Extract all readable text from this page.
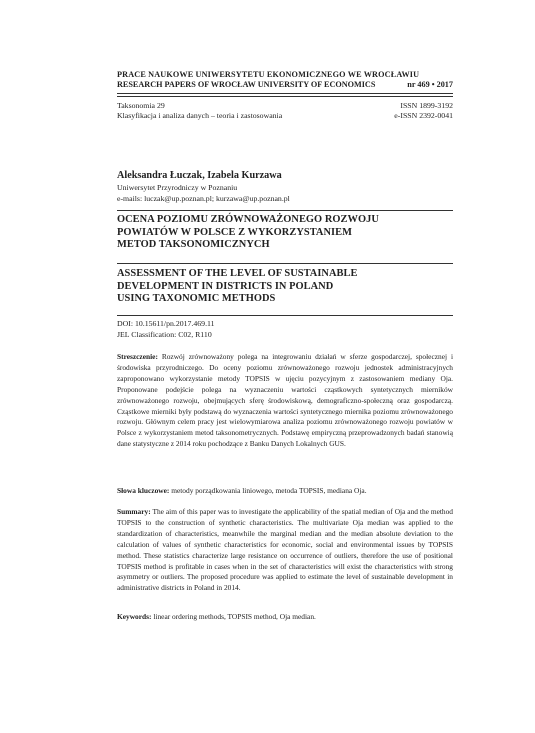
PRACE NAUKOWE UNIWERSYTETU EKONOMICZNEGO WE WROCŁAWIU
RESEARCH PAPERS OF WROCŁAW UNIVERSITY OF ECONOMICS	nr 469 • 2017
Taksonomia 29	ISSN 1899-3192
Klasyfikacja i analiza danych – teoria i zastosowania	e-ISSN 2392-0041
Aleksandra Łuczak, Izabela Kurzawa
Uniwersytet Przyrodniczy w Poznaniu
e-mails: luczak@up.poznan.pl; kurzawa@up.poznan.pl
OCENA POZIOMU ZRÓWNOWAŻONEGO ROZWOJU
POWIATÓW W POLSCE Z WYKORZYSTANIEM
METOD TAKSONOMICZNYCH
ASSESSMENT OF THE LEVEL OF SUSTAINABLE
DEVELOPMENT IN DISTRICTS IN POLAND
USING TAXONOMIC METHODS
DOI: 10.15611/pn.2017.469.11
JEL Classification: C02, R110
Streszczenie: Rozwój zrównoważony polega na integrowaniu działań w sferze gospodarczej, społecznej i środowiska przyrodniczego. Do oceny poziomu zrównoważonego rozwoju jednostek administracyjnych zaproponowano wykorzystanie metody TOPSIS w ujęciu pozycyjnym z zastosowaniem mediany Oja. Proponowane podejście polega na wyznaczeniu wartości cząstkowych syntetycznych mierników zrównoważonego rozwoju, obejmujących sferę środowiskową, demograficzno-społeczną oraz gospodarczą. Cząstkowe mierniki były podstawą do wyznaczenia wartości syntetycznego miernika poziomu zrównoważonego rozwoju. Głównym celem pracy jest wielowymiarowa analiza poziomu zrównoważonego rozwoju powiatów w Polsce z wykorzystaniem metod taksonometrycznych. Podstawę empiryczną przeprowadzonych badań stanowią dane statystyczne z 2014 roku pochodzące z Banku Danych Lokalnych GUS.
Słowa kluczowe: metody porządkowania liniowego, metoda TOPSIS, mediana Oja.
Summary: The aim of this paper was to investigate the applicability of the spatial median of Oja and the method TOPSIS to the construction of synthetic characteristics. The multivariate Oja median was applied to the standardization of characteristics, meanwhile the marginal median and the median absolute deviation to the calculation of values of synthetic characteristics for economic, social and environmental issues by TOPSIS method. These statistics characterize large resistance on occurrence of outliers, therefore the use of positional TOPSIS method is profitable in cases when in the set of characteristics will exist the characteristics with strong asymmetry or outliers. The proposed procedure was applied to estimate the level of sustainable development in administrative districts in Poland in 2014.
Keywords: linear ordering methods, TOPSIS method, Oja median.
